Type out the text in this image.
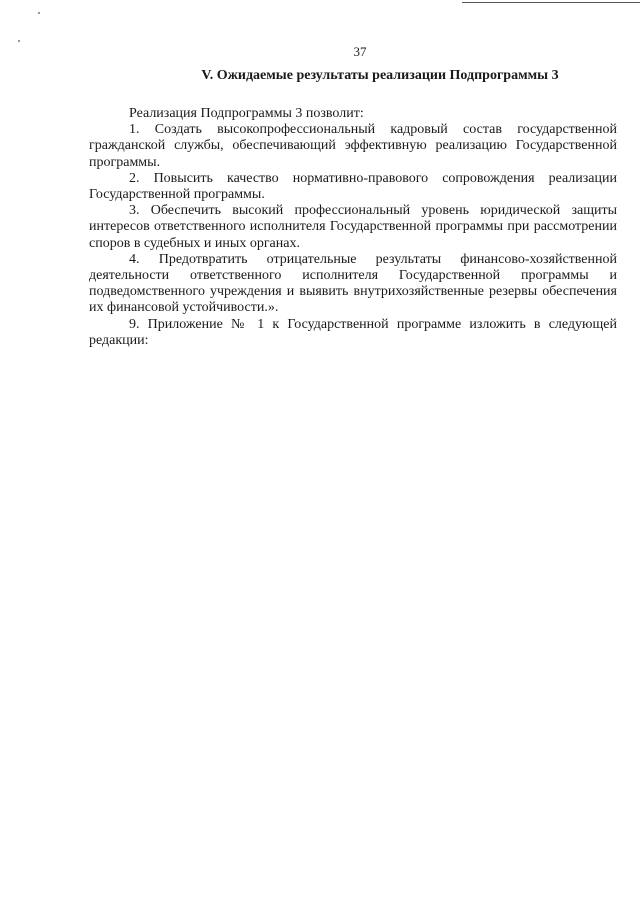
37
V. Ожидаемые результаты реализации Подпрограммы 3

Реализация Подпрограммы 3 позволит:

1. Создать высокопрофессиональный кадровый состав государственной гражданской службы, обеспечивающий эффективную реализацию Государственной программы.

2. Повысить качество нормативно-правового сопровождения реализации Государственной программы.

3. Обеспечить высокий профессиональный уровень юридической защиты интересов ответственного исполнителя Государственной программы при рассмотрении споров в судебных и иных органах.

4. Предотвратить отрицательные результаты финансово-хозяйственной деятельности ответственного исполнителя Государственной программы и подведомственного учреждения и выявить внутрихозяйственные резервы обеспечения их финансовой устойчивости.».

9. Приложение № 1 к Государственной программе изложить в следующей редакции:
